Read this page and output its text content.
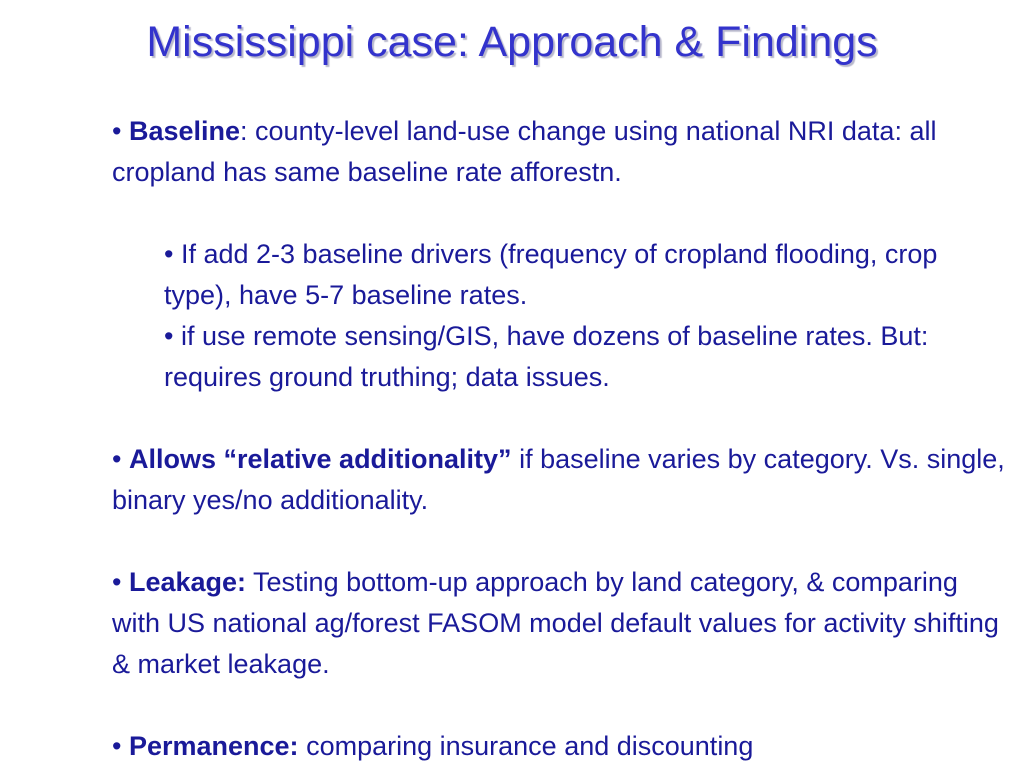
Mississippi case: Approach & Findings

• Baseline: county-level land-use change using national NRI data: all cropland has same baseline rate afforestn.

• If add 2-3 baseline drivers (frequency of cropland flooding, crop type), have 5-7 baseline rates.

• if use remote sensing/GIS, have dozens of baseline rates. But: requires ground truthing; data issues.

• Allows “relative additionality” if baseline varies by category. Vs. single, binary yes/no additionality.

• Leakage: Testing bottom-up approach by land category, & comparing with US national ag/forest FASOM model default values for activity shifting & market leakage.

• Permanence: comparing insurance and discounting
